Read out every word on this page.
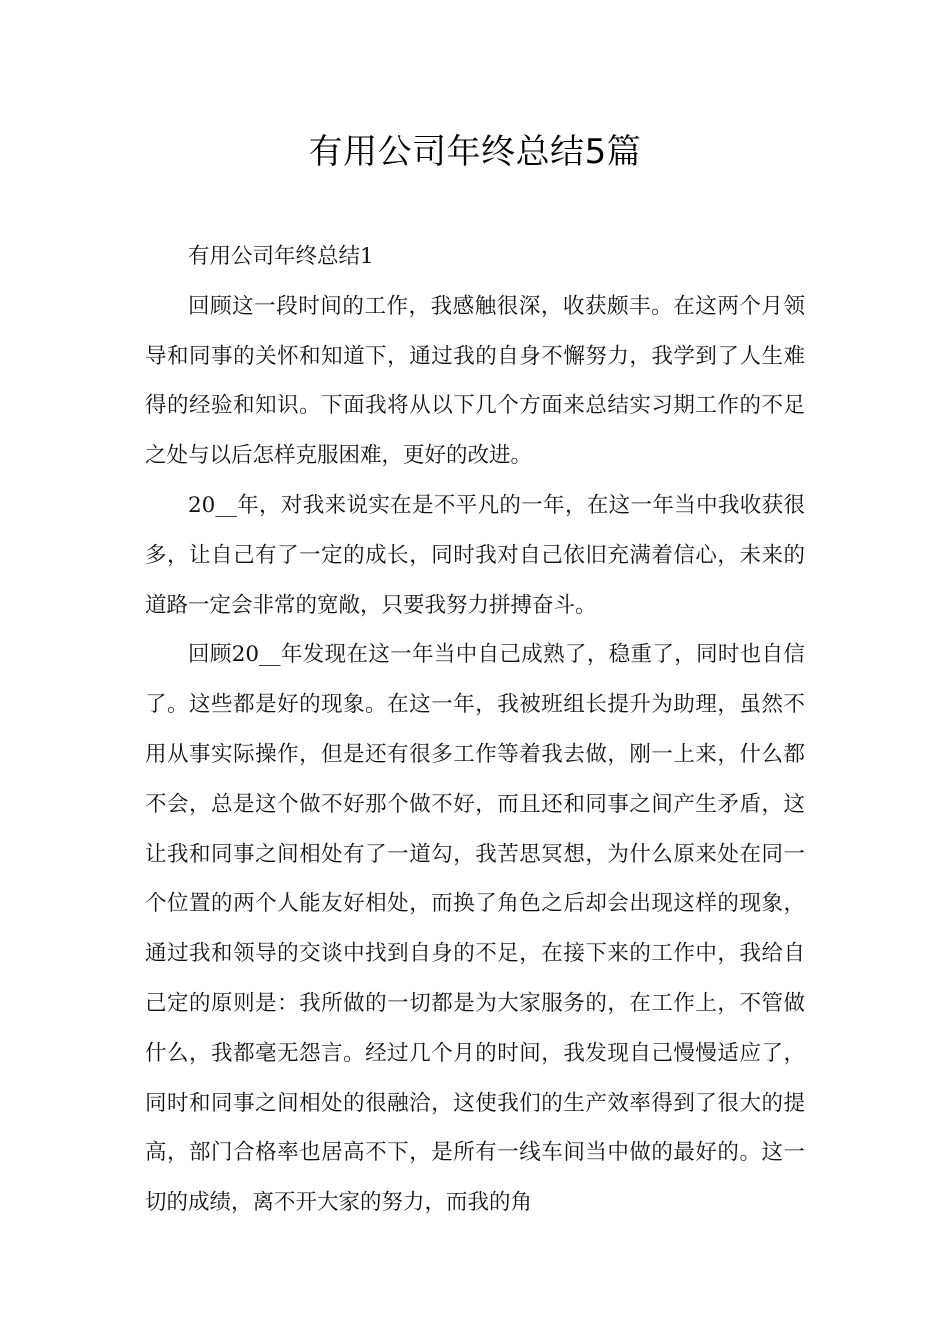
有用公司年终总结5篇

有用公司年终总结1

回顾这一段时间的工作，我感触很深，收获颇丰。在这两个月领导和同事的关怀和知道下，通过我的自身不懈努力，我学到了人生难得的经验和知识。下面我将从以下几个方面来总结实习期工作的不足之处与以后怎样克服困难，更好的改进。

20__年，对我来说实在是不平凡的一年，在这一年当中我收获很多，让自己有了一定的成长，同时我对自己依旧充满着信心，未来的道路一定会非常的宽敞，只要我努力拼搏奋斗。

回顾20__年发现在这一年当中自己成熟了，稳重了，同时也自信了。这些都是好的现象。在这一年，我被班组长提升为助理，虽然不用从事实际操作，但是还有很多工作等着我去做，刚一上来，什么都不会，总是这个做不好那个做不好，而且还和同事之间产生矛盾，这让我和同事之间相处有了一道勾，我苦思冥想，为什么原来处在同一个位置的两个人能友好相处，而换了角色之后却会出现这样的现象，通过我和领导的交谈中找到自身的不足，在接下来的工作中，我给自己定的原则是：我所做的一切都是为大家服务的，在工作上，不管做什么，我都毫无怨言。经过几个月的时间，我发现自己慢慢适应了，同时和同事之间相处的很融洽，这使我们的生产效率得到了很大的提高，部门合格率也居高不下，是所有一线车间当中做的最好的。这一切的成绩，离不开大家的努力，而我的角
